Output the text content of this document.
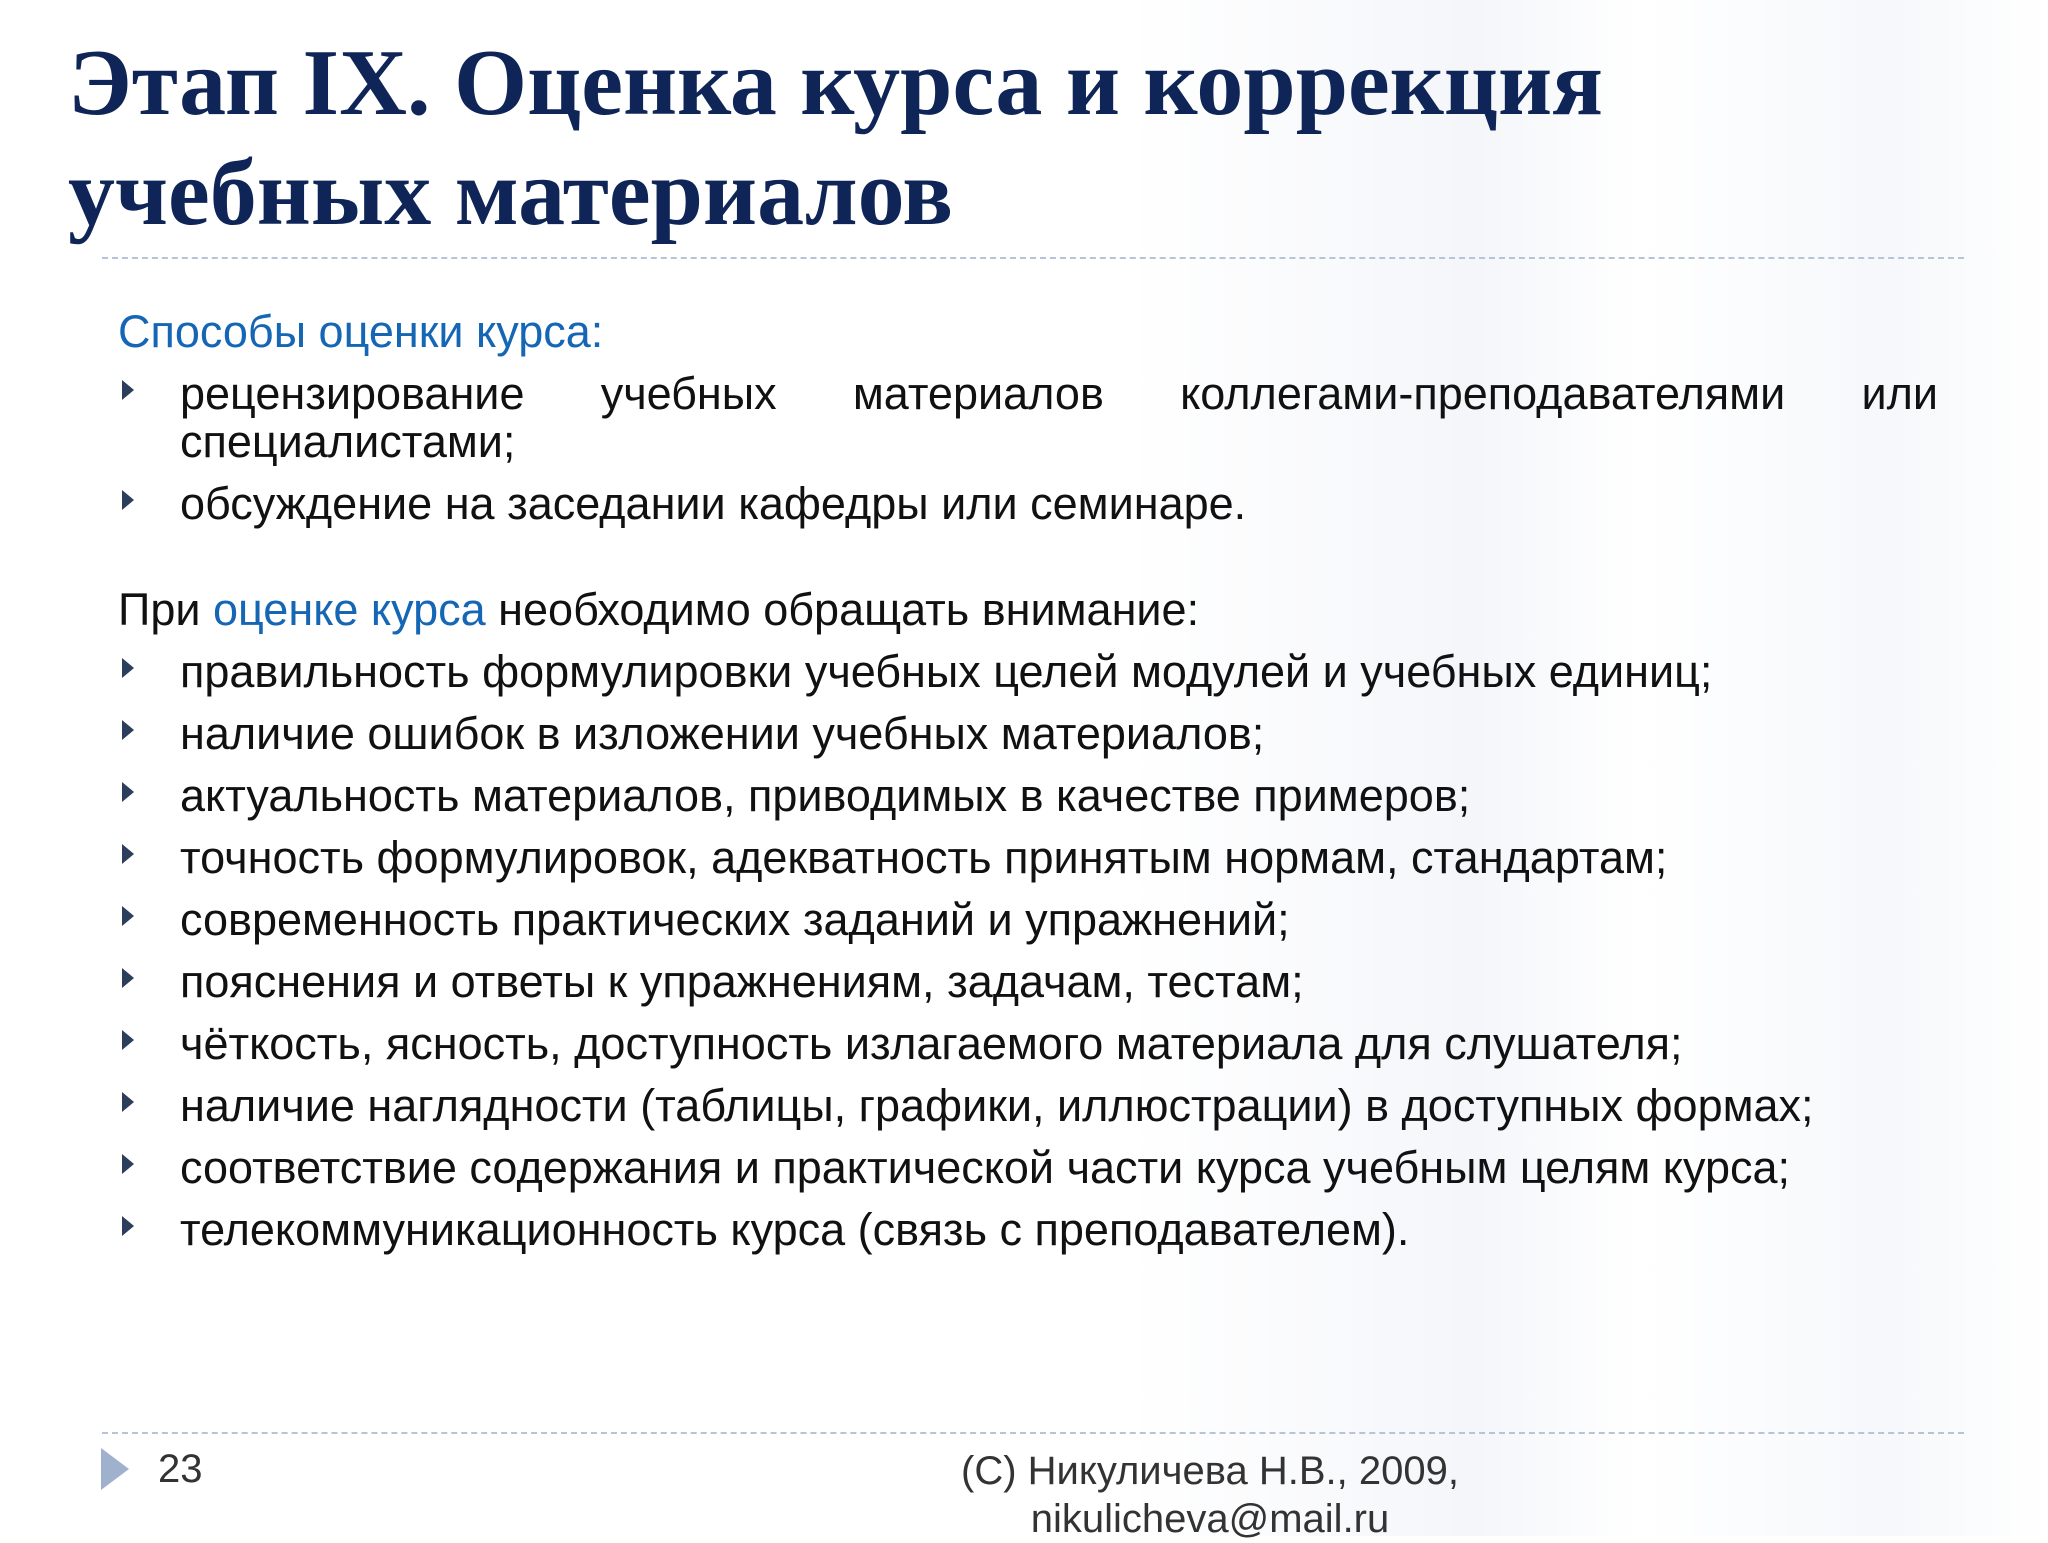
Этап IX. Оценка курса и коррекция учебных материалов

Способы оценки курса:

рецензирование учебных материалов коллегами-преподавателями или специалистами;
обсуждение на заседании кафедры или семинаре.

При оценке курса необходимо обращать внимание:

правильность формулировки учебных целей модулей и учебных единиц;
наличие ошибок в изложении учебных материалов;
актуальность материалов, приводимых в качестве примеров;
точность формулировок, адекватность принятым нормам, стандартам;
современность практических заданий и упражнений;
пояснения и ответы к упражнениям, задачам, тестам;
чёткость, ясность, доступность излагаемого материала для слушателя;
наличие наглядности (таблицы, графики, иллюстрации) в доступных формах;
соответствие содержания и практической части курса учебным целям курса;
телекоммуникационность курса (связь с преподавателем).
23	(С) Никуличева Н.В., 2009,
nikulicheva@mail.ru
